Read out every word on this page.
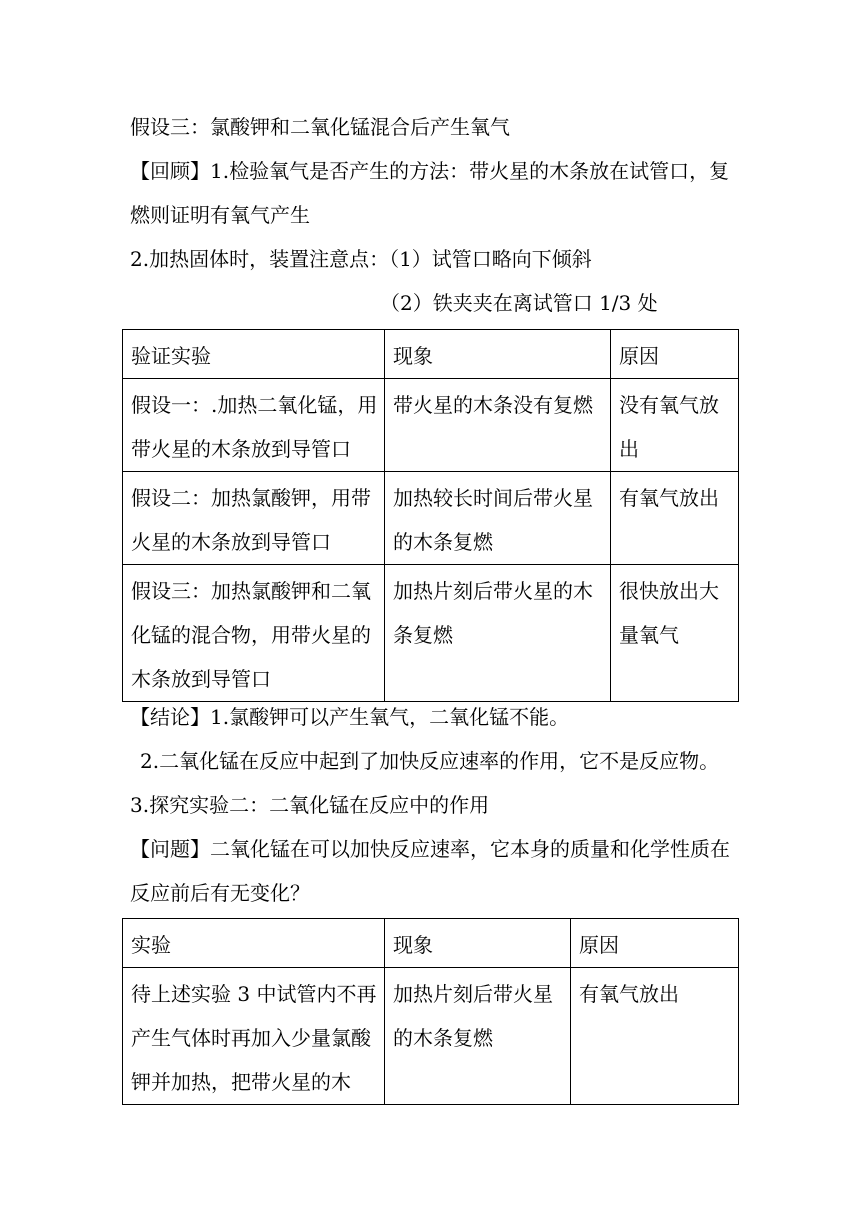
假设三：氯酸钾和二氧化锰混合后产生氧气
【回顾】1.检验氧气是否产生的方法：带火星的木条放在试管口，复
燃则证明有氧气产生
2.加热固体时，装置注意点：（1）试管口略向下倾斜
（2）铁夹夹在离试管口 1/3 处
验证实验	现象	原因
假设一：.加热二氧化锰，用带火星的木条放到导管口	带火星的木条没有复燃	没有氧气放出
假设二：加热氯酸钾，用带火星的木条放到导管口	加热较长时间后带火星的木条复燃	有氧气放出
假设三：加热氯酸钾和二氧化锰的混合物，用带火星的木条放到导管口	加热片刻后带火星的木条复燃	很快放出大量氧气
【结论】1.氯酸钾可以产生氧气，二氧化锰不能。
2.二氧化锰在反应中起到了加快反应速率的作用，它不是反应物。
3.探究实验二：二氧化锰在反应中的作用
【问题】二氧化锰在可以加快反应速率，它本身的质量和化学性质在
反应前后有无变化？
实验	现象	原因
待上述实验 3 中试管内不再产生气体时再加入少量氯酸钾并加热，把带火星的木	加热片刻后带火星的木条复燃	有氧气放出
